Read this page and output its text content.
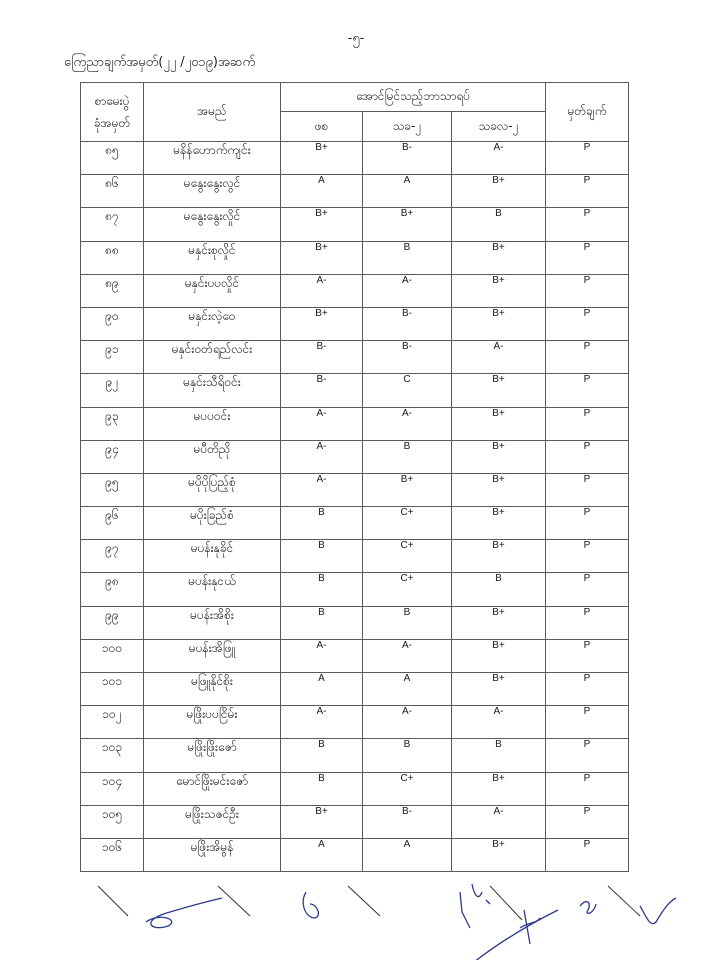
-၅-
ကြေညာချက်အမှတ်(၂၂ /၂၀၁၉)အဆက်
စာမေးပွဲ
ခုံအမှတ်	အမည်	အောင်မြင်သည့်ဘာသာရပ်			မှတ်ချက်
		ဖစ	သခ-၂	သခလ-၂	
၈၅	မနိန်ဟောက်ကျင်း	B+	B-	A-	P
၈၆	မနွေးနွေးလွင်	A	A	B+	P
၈၇	မနွေးနွေးလှိုင်	B+	B+	B	P
၈၈	မနှင်းစုလှိုင်	B+	B	B+	P
၈၉	မနှင်းပပလှိုင်	A-	A-	B+	P
၉၀	မနှင်းလဲ့ဝေ	B+	B-	B+	P
၉၁	မနှင်းဝတ်ရည်လင်း	B-	B-	A-	P
၉၂	မနှင်းသီရိဝင်း	B-	C	B+	P
၉၃	မပပဝင်း	A-	A-	B+	P
၉၄	မပီတိညို	A-	B	B+	P
၉၅	မပိုပိုပြည့်စုံ	A-	B+	B+	P
၉၆	မပိုးခြည်စံ	B	C+	B+	P
၉၇	မပန်းနုခိုင်	B	C+	B+	P
၉၈	မပန်းနုငယ်	B	C+	B	P
၉၉	မပန်းအိစိုး	B	B	B+	P
၁၀၀	မပန်းအိဖြူ	A-	A-	B+	P
၁၀၁	မဖြူနိုင်စိုး	A	A	B+	P
၁၀၂	မဖြိုးပပငြိမ်း	A-	A-	A-	P
၁၀၃	မဖြိုးဖြိုးဇော်	B	B	B	P
၁၀၄	မောင်ဖြိုးမင်းဇော်	B	C+	B+	P
၁၀၅	မဖြိုးသဇင်ဦး	B+	B-	A-	P
၁၀၆	မဖြိုးအိမွန်	A	A	B+	P
